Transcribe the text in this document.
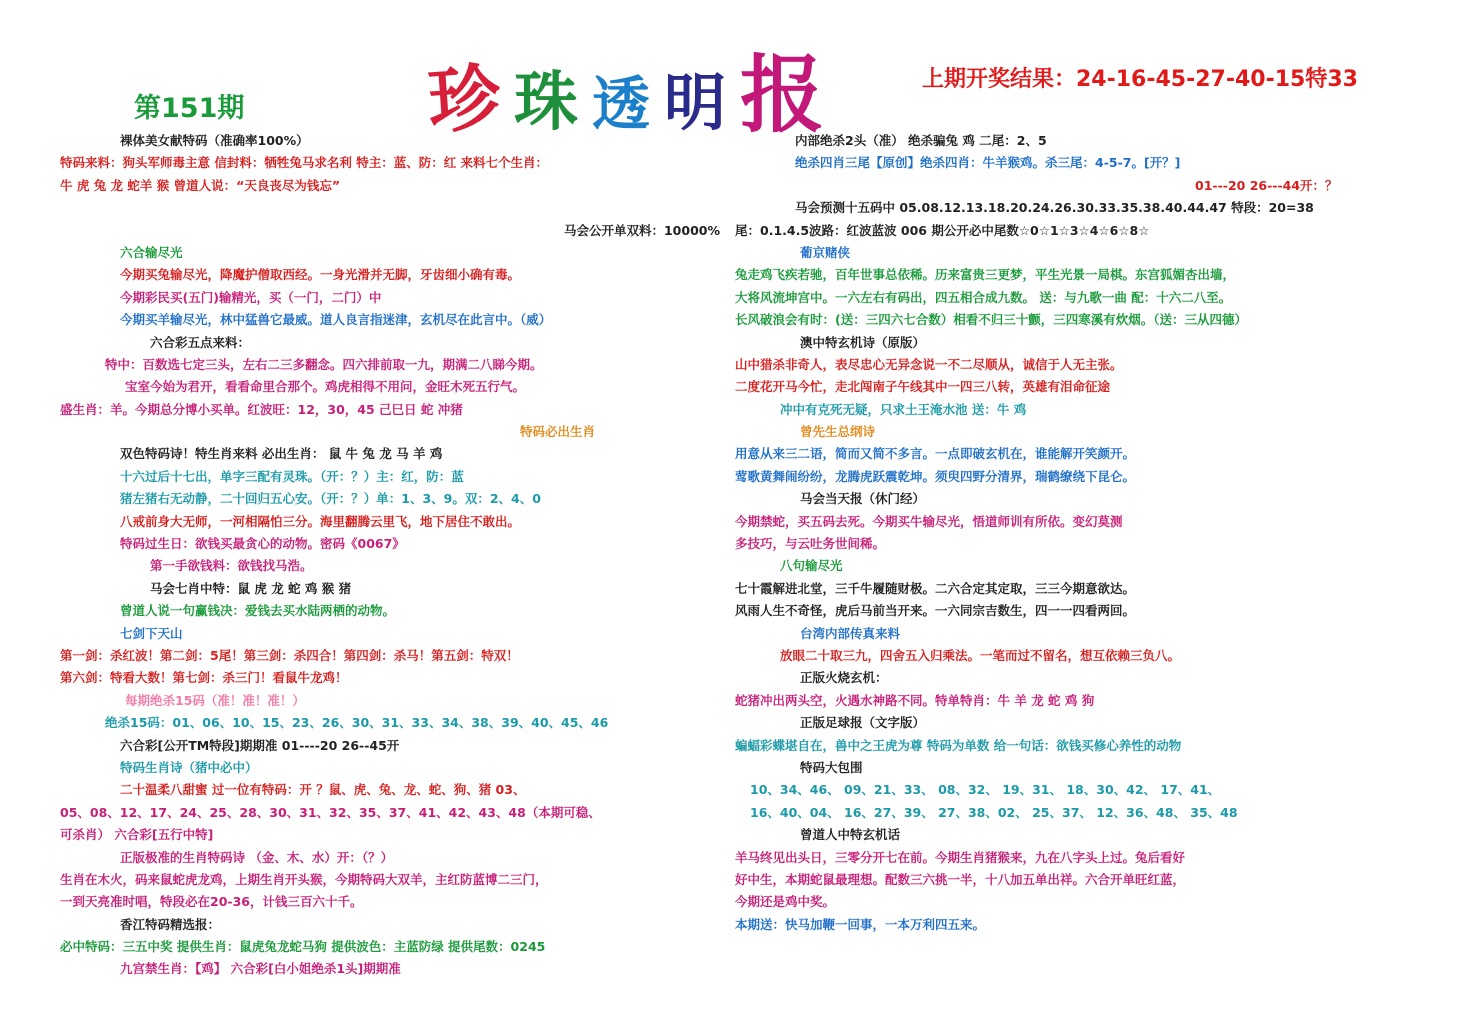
珍珠透明报
第151期
上期开奖结果：24-16-45-27-40-15特33
裸体美女献特码（准确率100%）
特码来料：狗头军师毒主意 信封料：牺牲兔马求名利 特主：蓝、防：红 来料七个生肖：
牛 虎 兔 龙 蛇羊 猴 曾道人说：“天良丧尽为钱忘”
马会公开单双料：10000%
六合输尽光
今期买兔输尽光，降魔护僧取西经。一身光滑并无脚，牙齿细小确有毒。
今期彩民买(五门)输精光，买（一门，二门）中
今期买羊输尽光，林中猛兽它最威。道人良言指迷津，玄机尽在此言中。（威）
六合彩五点来料：
特中：百数选七定三头，左右二三多翻念。四六排前取一九，期满二八睇今期。
宝室今始为君开，看看命里合那个。鸡虎相得不用问，金旺木死五行气。
盛生肖：羊。今期总分博小买单。红波旺：12，30，45 己巳日 蛇 冲猪
特码必出生肖
双色特码诗！特生肖来料 必出生肖： 鼠 牛 兔 龙 马 羊 鸡
十六过后十七出，单字三配有灵珠。（开：？）主：红，防：蓝
猪左猪右无动静，二十回归五心安。（开：？）单：1、3、9。双：2、4、0
八戒前身大无师，一河相隔怕三分。海里翻腾云里飞，地下居住不敢出。
特码过生日：欲钱买最贪心的动物。密码《0067》
第一手欲钱料：欲钱找马浩。
马会七肖中特：鼠 虎 龙 蛇 鸡 猴 猪
曾道人说一句赢钱决：爱钱去买水陆两栖的动物。
七剑下天山
第一剑：杀红波！第二剑：5尾！第三剑：杀四合！第四剑：杀马！第五剑：特双！
第六剑：特看大数！第七剑：杀三门！看鼠牛龙鸡！
每期绝杀15码（准！准！准！）
绝杀15码：01、06、10、15、23、26、30、31、33、34、38、39、40、45、46
六合彩[公开TM特段]期期准 01----20 26--45开
特码生肖诗（猪中必中）
二十温柔八甜蜜 过一位有特码：开 ？鼠、虎、兔、龙、蛇、狗、猪 03、
05、08、12、17、24、25、28、30、31、32、35、37、41、42、43、48（本期可稳、
可杀肖） 六合彩[五行中特]
正版极准的生肖特码诗 （金、木、水）开：（？）
生肖在木火，码来鼠蛇虎龙鸡，上期生肖开头猴，今期特码大双羊，主红防蓝博二三门，
一到天亮准时唱，特段必在20-36，计钱三百六十千。
香江特码精选报：
必中特码：三五中奖 提供生肖：鼠虎兔龙蛇马狗 提供波色：主蓝防绿 提供尾数：0245
九宫禁生肖：【鸡】 六合彩[白小姐绝杀1头]期期准
内部绝杀2头（准） 绝杀骗兔 鸡 二尾：2、5
绝杀四肖三尾【原创】绝杀四肖：牛羊猴鸡。杀三尾：4-5-7。[开？]
01---20 26---44开：？
马会预测十五码中 05.08.12.13.18.20.24.26.30.33.35.38.40.44.47 特段：20=38
尾：0.1.4.5波路：红波蓝波 006 期公开必中尾数☆0☆1☆3☆4☆6☆8☆
葡京赌侠
兔走鸡飞疾若驰，百年世事总依稀。历来富贵三更梦，平生光景一局棋。东宫狐媚杏出墙，
大将风流坤宫中。一六左右有码出，四五相合成九数。 送：与九歌一曲 配：十六二八至。
长风破浪会有时：(送：三四六七合数）相看不归三十颤，三四寒溪有炊烟。（送：三从四德）
澳中特玄机诗（原版）
山中猎杀非奇人，表尽忠心无异念说一不二尽顺从，诚信于人无主张。
二度花开马今忙，走北闯南子午线其中一四三八转，英雄有泪命征途
冲中有克死无疑，只求土王淹水池 送：牛 鸡
曾先生总纲诗
用意从来三二语，简而又简不多言。一点即破玄机在，谁能解开笑颜开。
莺歌黄舞闹纷纷，龙腾虎跃震乾坤。须臾四野分清界，瑞鹤缭绕下昆仑。
马会当天报（休门经）
今期禁蛇，买五码去死。今期买牛输尽光，悟道师训有所依。变幻莫测
多技巧，与云吐务世间稀。
八句输尽光
七十霞解进北堂，三千牛履随财极。二六合定其定取，三三今期意欲达。
风雨人生不奇怪，虎后马前当开来。一六同宗吉数生，四一一四看两回。
台湾内部传真来料
放眼二十取三九，四舍五入归乘法。一笔而过不留名，想互依赖三负八。
正版火烧玄机：
蛇猪冲出两头空，火遇水神路不同。特单特肖：牛 羊 龙 蛇 鸡 狗
正版足球报（文字版）
蝙蝠彩蝶堪自在，兽中之王虎为尊 特码为单数 给一句话：欲钱买修心养性的动物
特码大包围
10、34、46、 09、21、33、 08、32、 19、31、 18、30、42、 17、41、
16、40、04、 16、27、39、 27、38、02、 25、37、 12、36、48、 35、48
曾道人中特玄机话
羊马终见出头日，三零分开七在前。今期生肖猪猴来，九在八字头上过。兔后看好
好中生，本期蛇鼠最理想。配数三六挑一半，十八加五单出祥。六合开单旺红蓝，
今期还是鸡中奖。
本期送：快马加鞭一回事，一本万利四五来。
